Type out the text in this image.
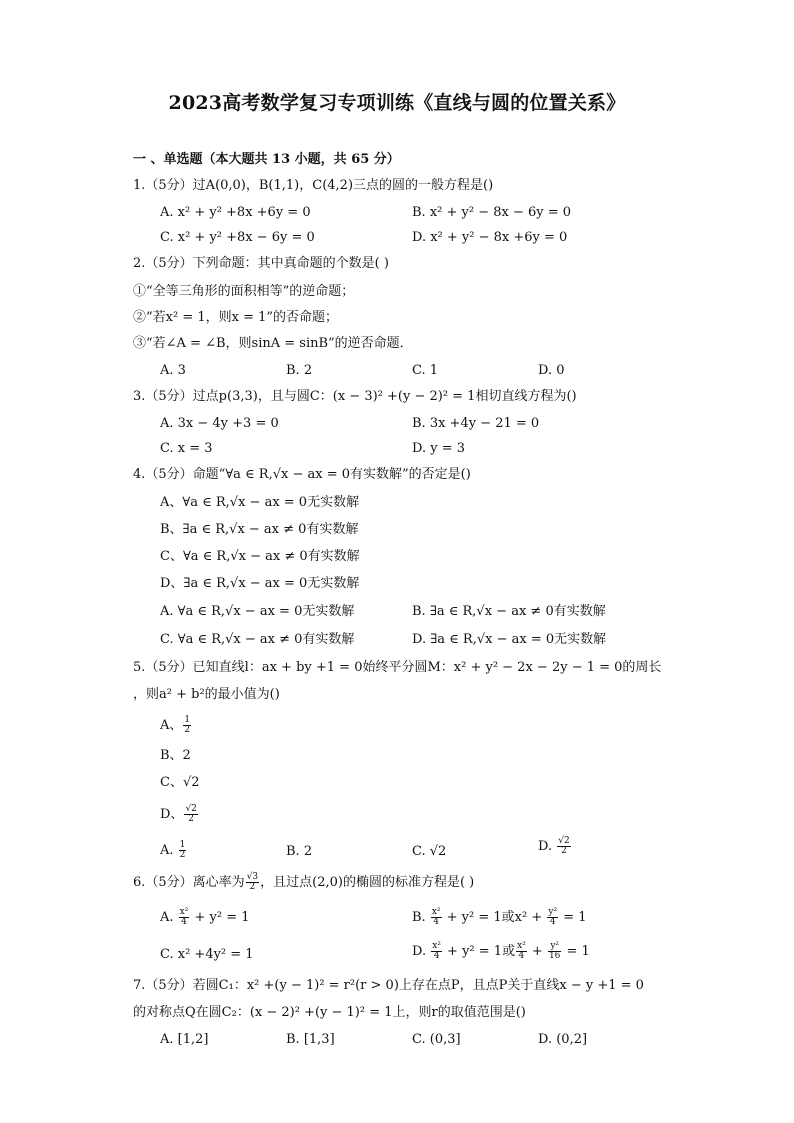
2023高考数学复习专项训练《直线与圆的位置关系》
一 、单选题（本大题共 13 小题，共 65 分）
1.（5分）过A(0,0)，B(1,1)，C(4,2)三点的圆的一般方程是()
A. x² + y² +8x +6y = 0	B. x² + y² − 8x − 6y = 0
C. x² + y² +8x − 6y = 0	D. x² + y² − 8x +6y = 0
2.（5分）下列命题：其中真命题的个数是( )
①“全等三角形的面积相等”的逆命题；
②“若x² = 1，则x = 1”的否命题；
③“若∠A = ∠B，则sinA = sinB”的逆否命题．
A. 3	B. 2	C. 1	D. 0
3.（5分）过点p(3,3)，且与圆C：(x − 3)² +(y − 2)² = 1相切直线方程为()
A. 3x − 4y +3 = 0	B. 3x +4y − 21 = 0
C. x = 3	D. y = 3
4.（5分）命题“∀a ∈ R,√x − ax = 0有实数解”的否定是()
A、∀a ∈ R,√x − ax = 0无实数解
B、∃a ∈ R,√x − ax ≠ 0有实数解
C、∀a ∈ R,√x − ax ≠ 0有实数解
D、∃a ∈ R,√x − ax = 0无实数解
A. ∀a ∈ R,√x − ax = 0无实数解	B. ∃a ∈ R,√x − ax ≠ 0有实数解
C. ∀a ∈ R,√x − ax ≠ 0有实数解	D. ∃a ∈ R,√x − ax = 0无实数解
5.（5分）已知直线l：ax + by +1 = 0始终平分圆M：x² + y² − 2x − 2y − 1 = 0的周长
，则a² + b²的最小值为()
A、 $\frac{1}{2}$
B、2
C、√2
D、 $\frac{√2}{2}$
A. $\frac{1}{2}$	B. 2	C. √2	D. $\frac{√2}{2}$
6.（5分）离心率为 $\frac{√3}{2}$ ，且过点(2,0)的椭圆的标准方程是( )
A. $\frac{\text{x²}}{4} + y^2 = 1$	B. $\frac{\text{x²}}{4} + y^2 = 1$或$x^2 + \frac{\text{y²}}{4} = 1$
C. x² +4y² = 1	D. $\frac{\text{x²}}{4} + y^2 = 1$或 $\frac{\text{x²}}{4} + \frac{\text{y²}}{16} = 1$
7.（5分）若圆C₁：x² +(y − 1)² = r²(r > 0)上存在点P，且点P关于直线x − y +1 = 0
的对称点Q在圆C₂：(x − 2)² +(y − 1)² = 1上，则r的取值范围是()
A. [1,2]	B. [1,3]	C. (0,3]	D. (0,2]
